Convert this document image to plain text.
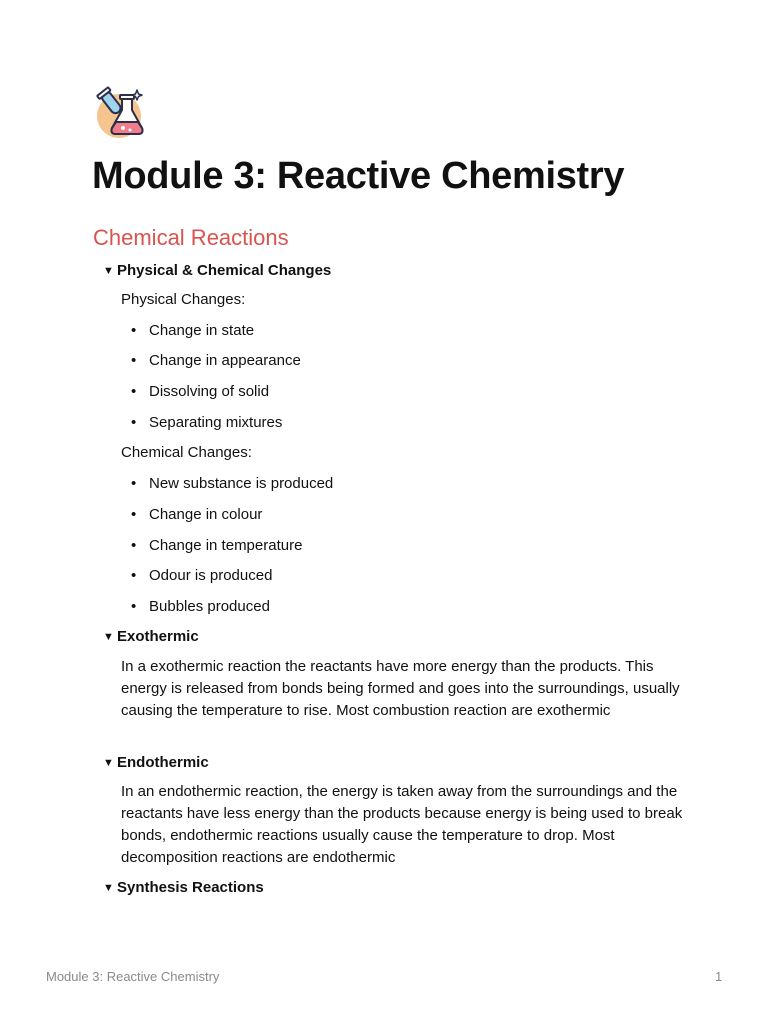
Module 3: Reactive Chemistry
Chemical Reactions
▼ Physical & Chemical Changes
Physical Changes:
• Change in state
• Change in appearance
• Dissolving of solid
• Separating mixtures
Chemical Changes:
• New substance is produced
• Change in colour
• Change in temperature
• Odour is produced
• Bubbles produced
▼ Exothermic

In a exothermic reaction the reactants have more energy than the products. This energy is released from bonds being formed and goes into the surroundings, usually causing the temperature to rise. Most combustion reaction are exothermic

▼ Endothermic

In an endothermic reaction, the energy is taken away from the surroundings and the reactants have less energy than the products because energy is being used to break bonds, endothermic reactions usually cause the temperature to drop. Most decomposition reactions are endothermic

▼ Synthesis Reactions
Module 3: Reactive Chemistry	1
